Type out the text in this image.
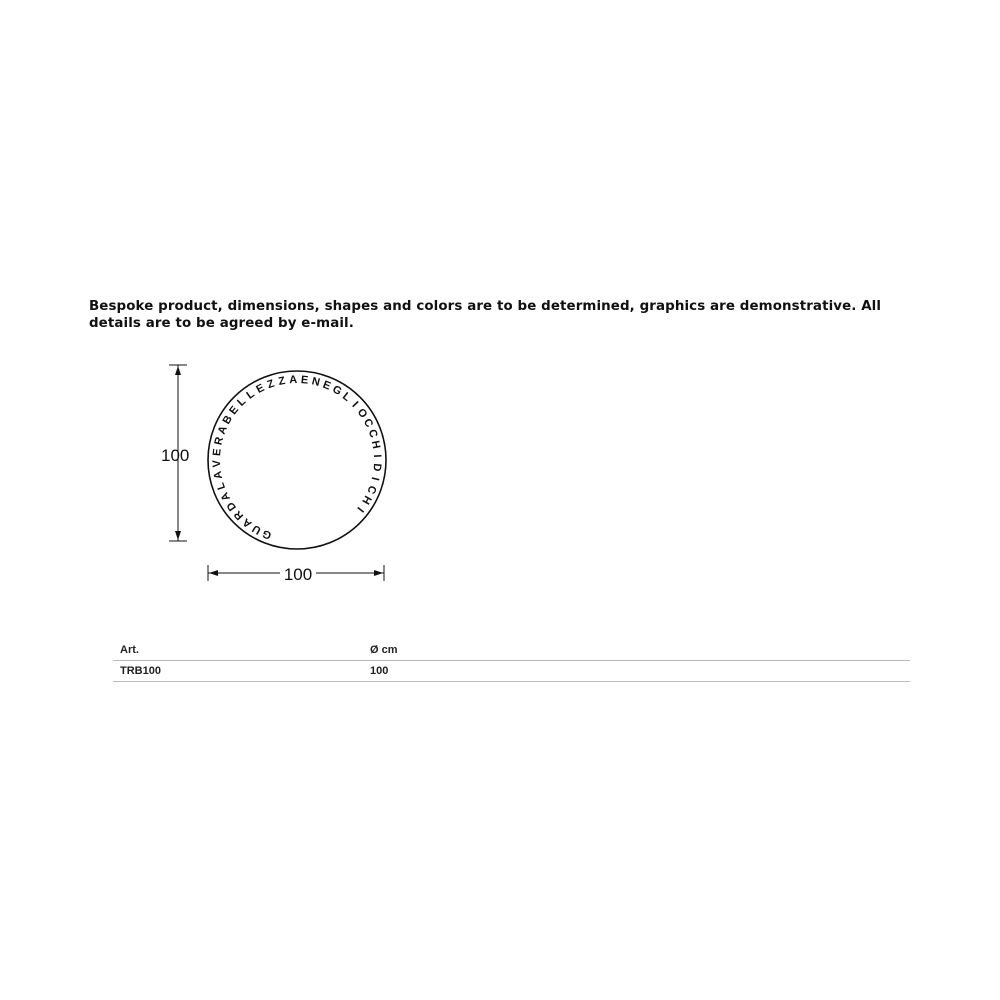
Bespoke product, dimensions, shapes and colors are to be determined, graphics are demonstrative. All details are to be agreed by e-mail.
100
G
U
A
R
D
A
L
A
V
E
R
A
B
E
L
L
E Z Z A E N E
G
L
I
O
C
C
H
I
D
I
C
H
I
100
Art.	Ø cm
TRB100	100
